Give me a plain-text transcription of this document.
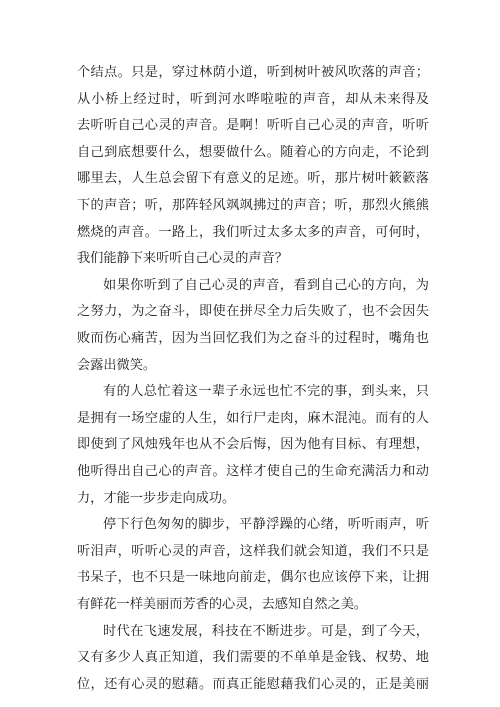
个结点。只是，穿过林荫小道，听到树叶被风吹落的声音；
从小桥上经过时，听到河水哗啦啦的声音，却从未来得及
去听听自己心灵的声音。是啊！听听自己心灵的声音，听听
自己到底想要什么，想要做什么。随着心的方向走，不论到
哪里去，人生总会留下有意义的足迹。听，那片树叶簌簌落
下的声音；听，那阵轻风飒飒拂过的声音；听，那烈火熊熊
燃烧的声音。一路上，我们听过太多太多的声音，可何时，
我们能静下来听听自己心灵的声音？
如果你听到了自己心灵的声音，看到自己心的方向，为
之努力，为之奋斗，即使在拼尽全力后失败了，也不会因失
败而伤心痛苦，因为当回忆我们为之奋斗的过程时，嘴角也
会露出微笑。
有的人总忙着这一辈子永远也忙不完的事，到头来，只
是拥有一场空虚的人生，如行尸走肉，麻木混沌。而有的人
即使到了风烛残年也从不会后悔，因为他有目标、有理想，
他听得出自己心的声音。这样才使自己的生命充满活力和动
力，才能一步步走向成功。
停下行色匆匆的脚步，平静浮躁的心绪，听听雨声，听
听泪声，听听心灵的声音，这样我们就会知道，我们不只是
书呆子，也不只是一味地向前走，偶尔也应该停下来，让拥
有鲜花一样美丽而芳香的心灵，去感知自然之美。
时代在飞速发展，科技在不断进步。可是，到了今天，
又有多少人真正知道，我们需要的不单单是金钱、权势、地
位，还有心灵的慰藉。而真正能慰藉我们心灵的，正是美丽
